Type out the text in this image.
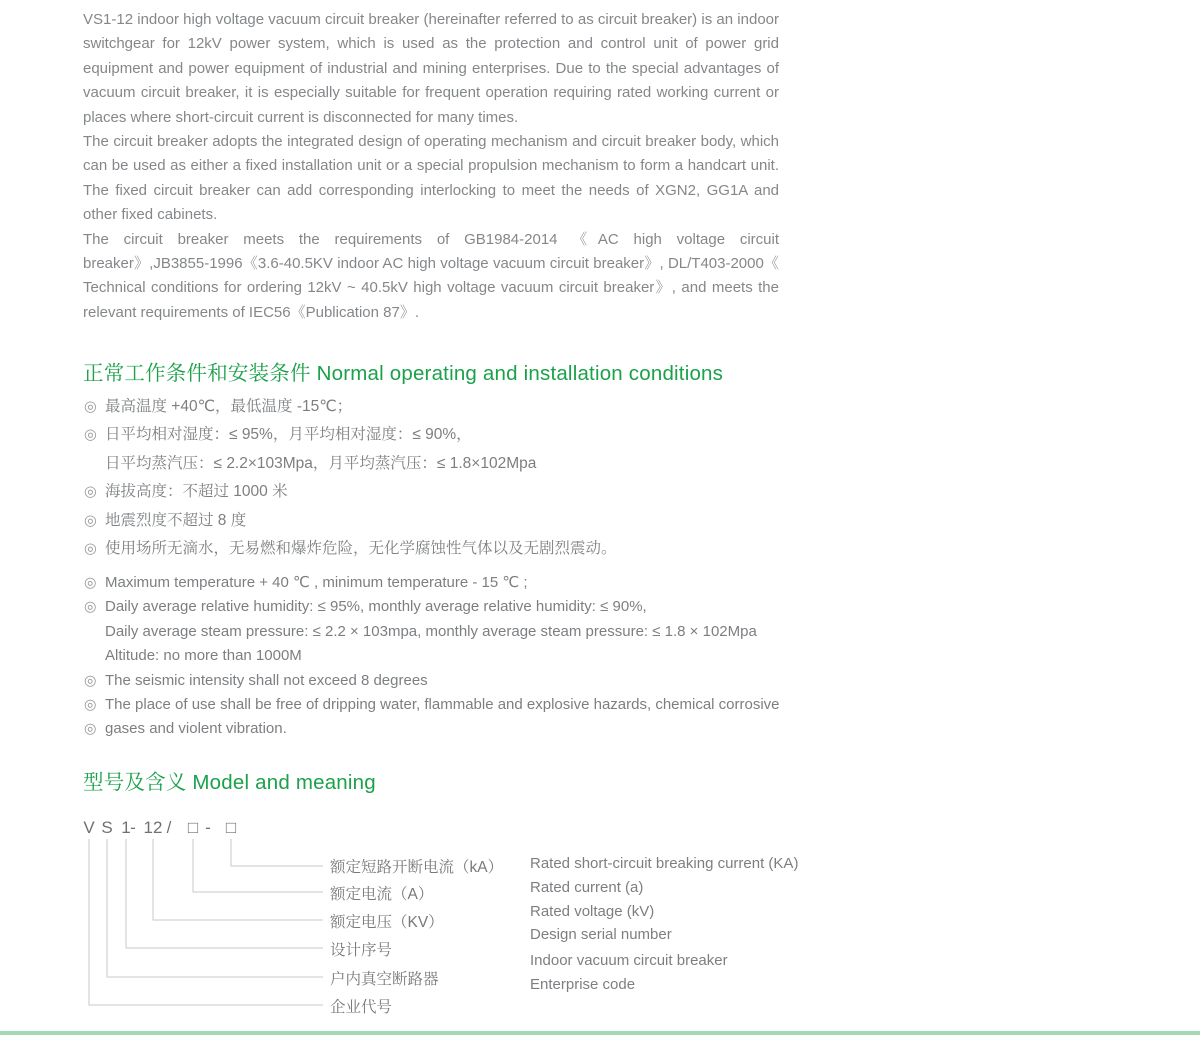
VS1-12 indoor high voltage vacuum circuit breaker (hereinafter referred to as circuit breaker) is an indoor switchgear for 12kV power system, which is used as the protection and control unit of power grid equipment and power equipment of industrial and mining enterprises. Due to the special advantages of vacuum circuit breaker, it is especially suitable for frequent operation requiring rated working current or places where short-circuit current is disconnected for many times.

The circuit breaker adopts the integrated design of operating mechanism and circuit breaker body, which can be used as either a fixed installation unit or a special propulsion mechanism to form a handcart unit. The fixed circuit breaker can add corresponding interlocking to meet the needs of XGN2, GG1A and other fixed cabinets.

The circuit breaker meets the requirements of GB1984-2014 《AC high voltage circuit breaker》,JB3855-1996《3.6-40.5KV indoor AC high voltage vacuum circuit breaker》, DL/T403-2000《 Technical conditions for ordering 12kV ~ 40.5kV high voltage vacuum circuit breaker》, and meets the relevant requirements of IEC56《Publication 87》.

正常工作条件和安装条件 Normal operating and installation conditions
◎ 最高温度 +40℃，最低温度 -15℃；
◎ 日平均相对湿度：≤ 95%，月平均相对湿度：≤ 90%，
日平均蒸汽压：≤ 2.2×103Mpa，月平均蒸汽压：≤ 1.8×102Mpa
◎ 海拔高度：不超过 1000 米
◎ 地震烈度不超过 8 度
◎ 使用场所无滴水，无易燃和爆炸危险，无化学腐蚀性气体以及无剧烈震动。
◎ Maximum temperature + 40 ℃ , minimum temperature - 15 ℃ ;
◎ Daily average relative humidity: ≤ 95%, monthly average relative humidity: ≤ 90%,
Daily average steam pressure: ≤ 2.2 × 103mpa, monthly average steam pressure: ≤ 1.8 × 102Mpa
Altitude: no more than 1000M
◎ The seismic intensity shall not exceed 8 degrees
◎ The place of use shall be free of dripping water, flammable and explosive hazards, chemical corrosive
◎ gases and violent vibration.
型号及含义 Model and meaning
V S 1 - 12 / □ - □
额定短路开断电流（kA）
额定电流（A）
额定电压（KV）
设计序号
户内真空断路器
企业代号
Rated short-circuit breaking current (KA)
Rated current (a)
Rated voltage (kV)
Design serial number
Indoor vacuum circuit breaker
Enterprise code
